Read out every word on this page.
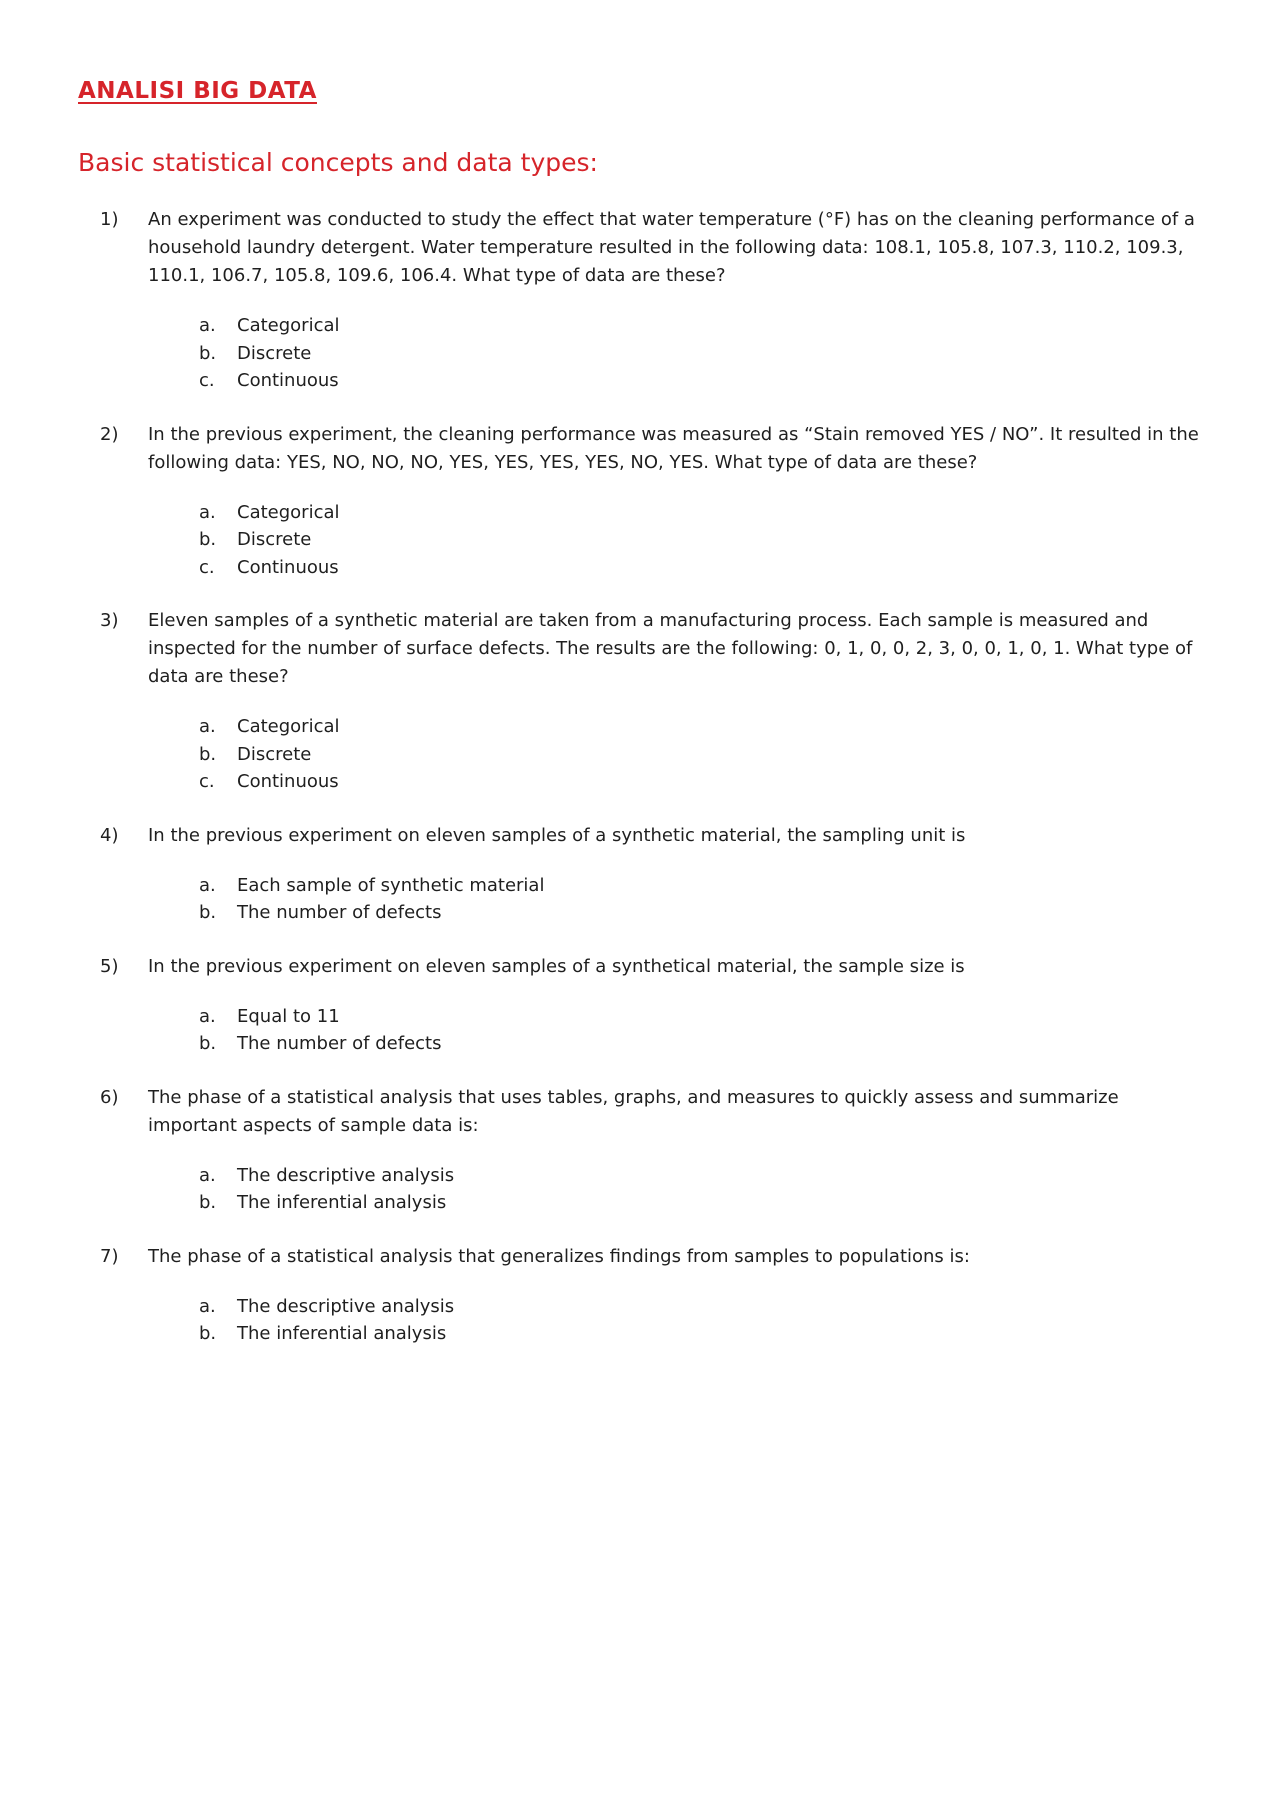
ANALISI BIG DATA
Basic statistical concepts and data types:
1)	An experiment was conducted to study the effect that water temperature (°F) has on the cleaning performance of a household laundry detergent. Water temperature resulted in the following data: 108.1, 105.8, 107.3, 110.2, 109.3, 110.1, 106.7, 105.8, 109.6, 106.4. What type of data are these?

a. Categorical
b. Discrete
c. Continuous
2)	In the previous experiment, the cleaning performance was measured as “Stain removed YES / NO”. It resulted in the following data: YES, NO, NO, NO, YES, YES, YES, YES, NO, YES. What type of data are these?

a. Categorical
b. Discrete
c. Continuous
3)	Eleven samples of a synthetic material are taken from a manufacturing process. Each sample is measured and inspected for the number of surface defects. The results are the following: 0, 1, 0, 0, 2, 3, 0, 0, 1, 0, 1. What type of data are these?

a. Categorical
b. Discrete
c. Continuous
4)	In the previous experiment on eleven samples of a synthetic material, the sampling unit is

a. Each sample of synthetic material
b. The number of defects
5)	In the previous experiment on eleven samples of a synthetical material, the sample size is

a. Equal to 11
b. The number of defects
6)	The phase of a statistical analysis that uses tables, graphs, and measures to quickly assess and summarize important aspects of sample data is:

a. The descriptive analysis
b. The inferential analysis
7)	The phase of a statistical analysis that generalizes findings from samples to populations is:

a. The descriptive analysis
b. The inferential analysis
